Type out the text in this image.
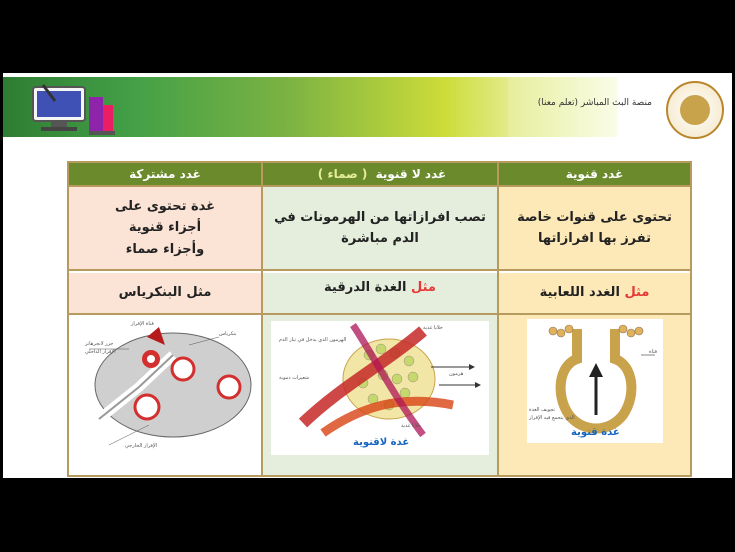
منصة البث المباشر (تعلم معنا)
غدد مشتركة
غدة تحتوى على
أجزاء قنوية
وأجزاء صماء
مثل البنكرياس
قناة الإفراز
جزر لانجرهانز
الإفراز الداخلي
بنكرياس
الإفراز الخارجي
غدد لا قنوية ( صماء )
تصب افرازاتها من الهرمونات في
الدم مباشرة
مثل الغدة الدرقية
خلايا غدية
الهرمون الذي يدخل في تيار الدم
هرمون
شعيرات دموية
خلايا غدية
غدة لاقنوية
غدد قنوية
تحتوى على قنوات خاصة
تفرز بها افرازاتها
مثل الغدد اللعابية
فتاة
تجويف الغدة
الذي يتجمع فيه الإفراز
غدة قنوية
